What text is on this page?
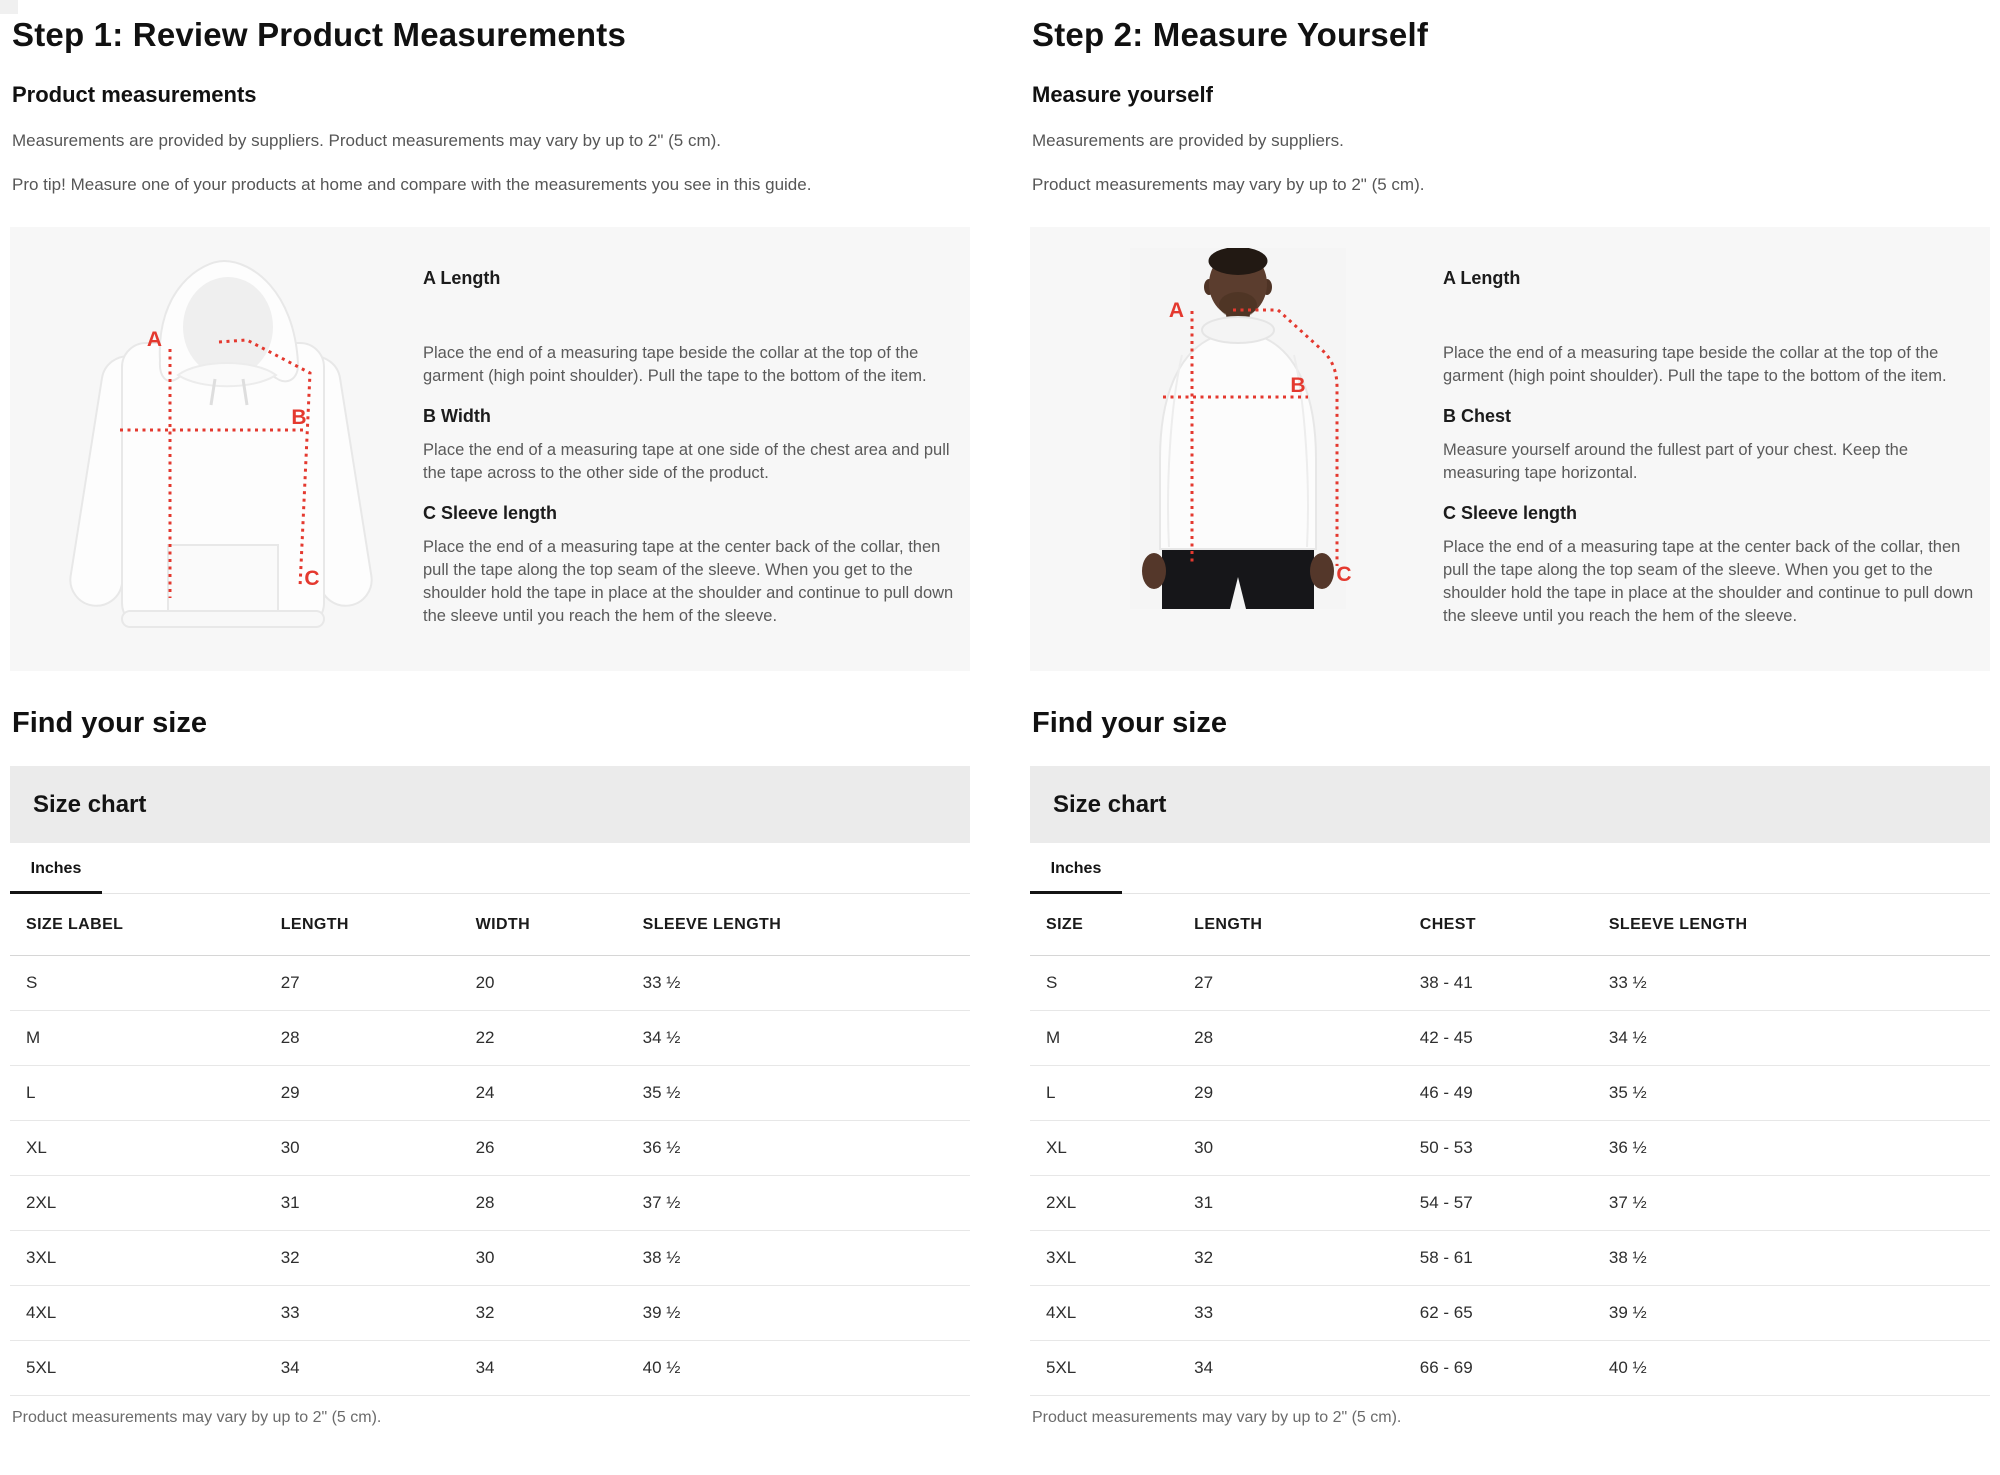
Step 1: Review Product Measurements
Product measurements

Measurements are provided by suppliers. Product measurements may vary by up to 2" (5 cm).

Pro tip! Measure one of your products at home and compare with the measurements you see in this guide.

A
B
C
A Length

Place the end of a measuring tape beside the collar at the top of the garment (high point shoulder). Pull the tape to the bottom of the item.

B Width

Place the end of a measuring tape at one side of the chest area and pull the tape across to the other side of the product.

C Sleeve length

Place the end of a measuring tape at the center back of the collar, then pull the tape along the top seam of the sleeve. When you get to the shoulder hold the tape in place at the shoulder and continue to pull down the sleeve until you reach the hem of the sleeve.

Find your size
Size chart
Inches
SIZE LABEL	LENGTH	WIDTH	SLEEVE LENGTH
S	27	20	33 ½
M	28	22	34 ½
L	29	24	35 ½
XL	30	26	36 ½
2XL	31	28	37 ½
3XL	32	30	38 ½
4XL	33	32	39 ½
5XL	34	34	40 ½

Product measurements may vary by up to 2" (5 cm).

Step 2: Measure Yourself
Measure yourself

Measurements are provided by suppliers.

Product measurements may vary by up to 2" (5 cm).

A
B
C
A Length

Place the end of a measuring tape beside the collar at the top of the garment (high point shoulder). Pull the tape to the bottom of the item.

B Chest

Measure yourself around the fullest part of your chest. Keep the measuring tape horizontal.

C Sleeve length

Place the end of a measuring tape at the center back of the collar, then pull the tape along the top seam of the sleeve. When you get to the shoulder hold the tape in place at the shoulder and continue to pull down the sleeve until you reach the hem of the sleeve.

Find your size
Size chart
Inches
SIZE	LENGTH	CHEST	SLEEVE LENGTH
S	27	38 - 41	33 ½
M	28	42 - 45	34 ½
L	29	46 - 49	35 ½
XL	30	50 - 53	36 ½
2XL	31	54 - 57	37 ½
3XL	32	58 - 61	38 ½
4XL	33	62 - 65	39 ½
5XL	34	66 - 69	40 ½

Product measurements may vary by up to 2" (5 cm).
